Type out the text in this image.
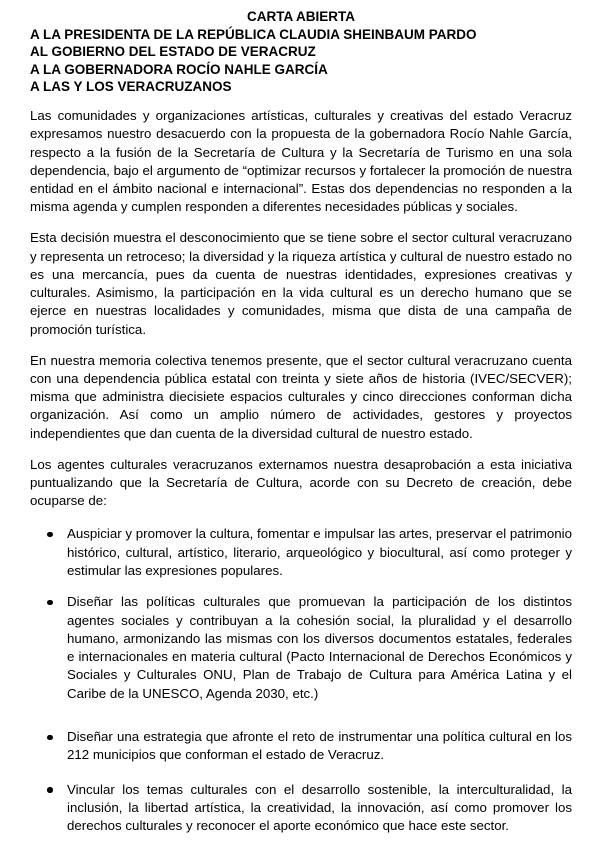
CARTA ABIERTA

A LA PRESIDENTA DE LA REPÚBLICA CLAUDIA SHEINBAUM PARDO

AL GOBIERNO DEL ESTADO DE VERACRUZ

A LA GOBERNADORA ROCÍO NAHLE GARCÍA

A LAS Y LOS VERACRUZANOS

Las comunidades y organizaciones artísticas, culturales y creativas del estado Veracruz expresamos nuestro desacuerdo con la propuesta de la gobernadora Rocío Nahle García, respecto a la fusión de la Secretaría de Cultura y la Secretaría de Turismo en una sola dependencia, bajo el argumento de “optimizar recursos y fortalecer la promoción de nuestra entidad en el ámbito nacional e internacional”. Estas dos dependencias no responden a la misma agenda y cumplen responden a diferentes necesidades públicas y sociales.

Esta decisión muestra el desconocimiento que se tiene sobre el sector cultural veracruzano y representa un retroceso; la diversidad y la riqueza artística y cultural de nuestro estado no es una mercancía, pues da cuenta de nuestras identidades, expresiones creativas y culturales. Asimismo, la participación en la vida cultural es un derecho humano que se ejerce en nuestras localidades y comunidades, misma que dista de una campaña de promoción turística.

En nuestra memoria colectiva tenemos presente, que el sector cultural veracruzano cuenta con una dependencia pública estatal con treinta y siete años de historia (IVEC/SECVER); misma que administra diecisiete espacios culturales y cinco direcciones conforman dicha organización. Así como un amplio número de actividades, gestores y proyectos independientes que dan cuenta de la diversidad cultural de nuestro estado.

Los agentes culturales veracruzanos externamos nuestra desaprobación a esta iniciativa puntualizando que la Secretaría de Cultura, acorde con su Decreto de creación, debe ocuparse de:

Auspiciar y promover la cultura, fomentar e impulsar las artes, preservar el patrimonio histórico, cultural, artístico, literario, arqueológico y biocultural, así como proteger y estimular las expresiones populares.
Diseñar las políticas culturales que promuevan la participación de los distintos agentes sociales y contribuyan a la cohesión social, la pluralidad y el desarrollo humano, armonizando las mismas con los diversos documentos estatales, federales e internacionales en materia cultural (Pacto Internacional de Derechos Económicos y Sociales y Culturales ONU, Plan de Trabajo de Cultura para América Latina y el Caribe de la UNESCO, Agenda 2030, etc.)
Diseñar una estrategia que afronte el reto de instrumentar una política cultural en los 212 municipios que conforman el estado de Veracruz.
Vincular los temas culturales con el desarrollo sostenible, la interculturalidad, la inclusión, la libertad artística, la creatividad, la innovación, así como promover los derechos culturales y reconocer el aporte económico que hace este sector.
